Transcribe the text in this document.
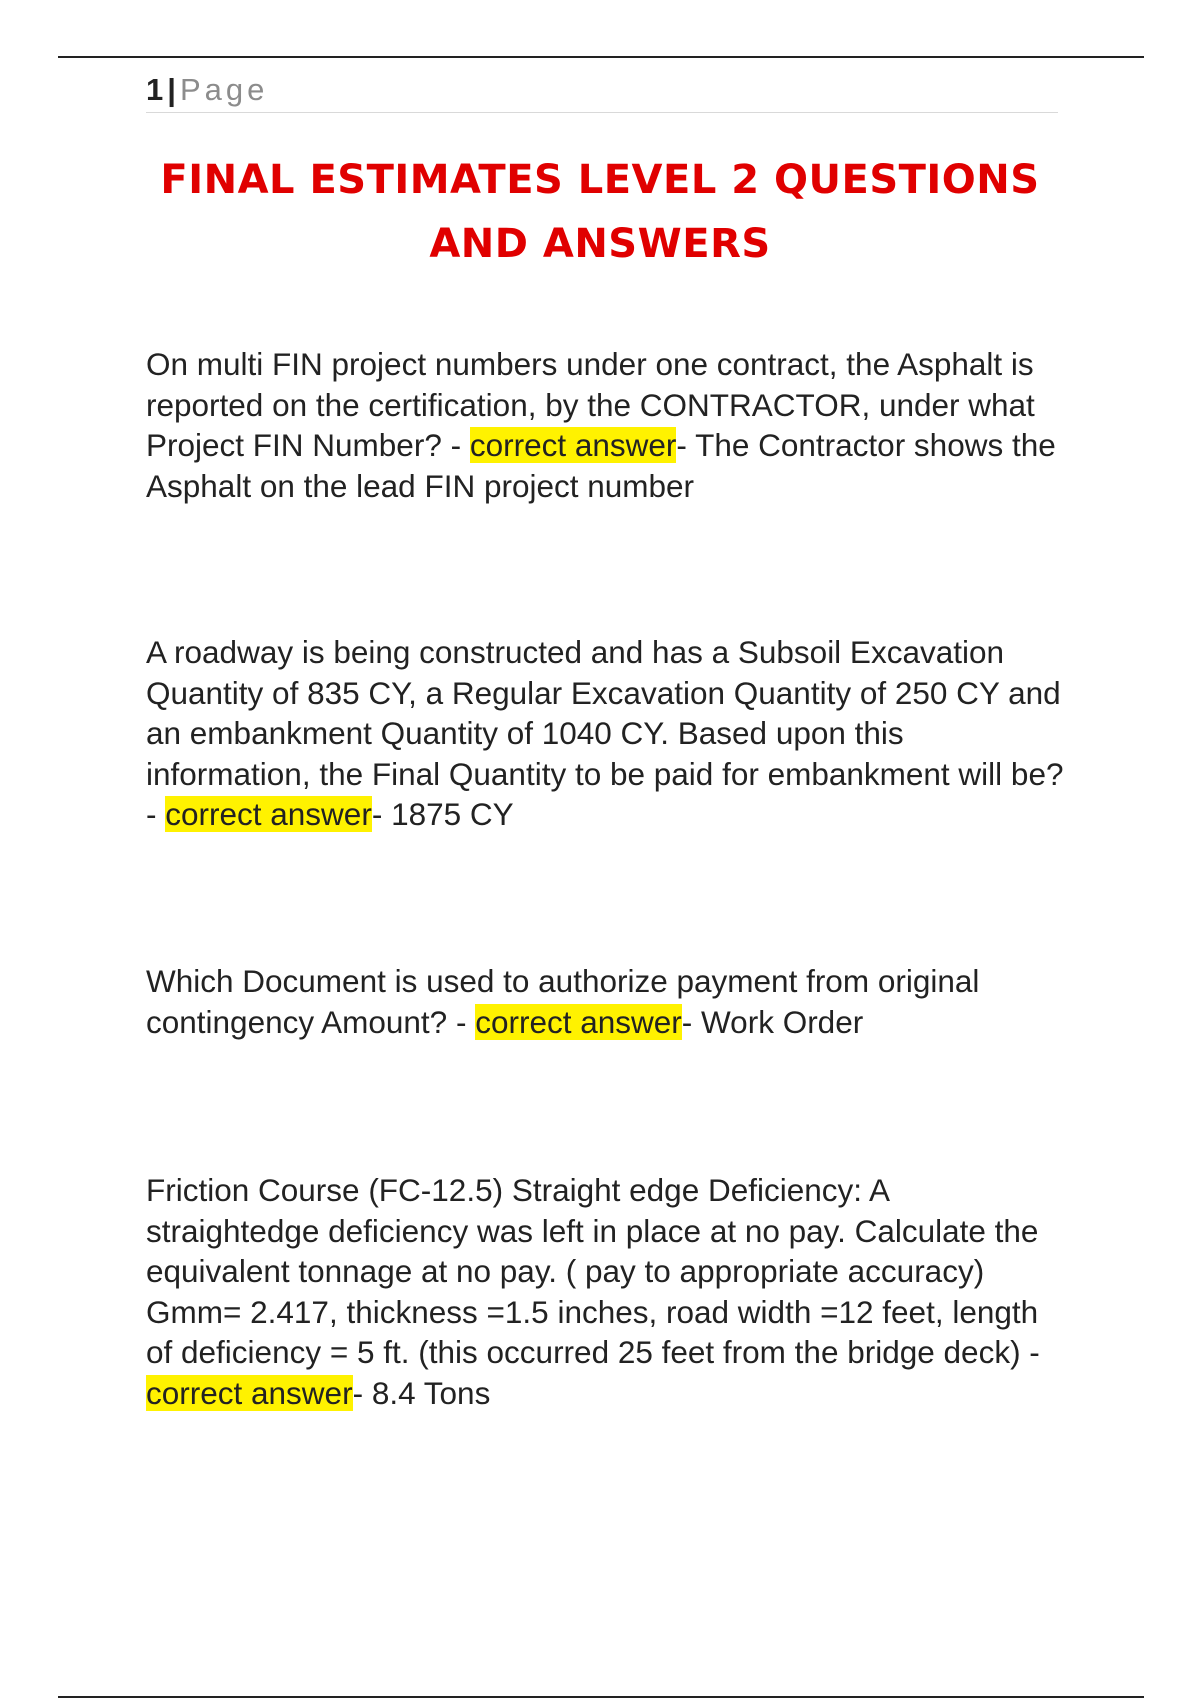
1 | Page
FINAL ESTIMATES LEVEL 2 QUESTIONS AND ANSWERS

On multi FIN project numbers under one contract, the Asphalt is reported on the certification, by the CONTRACTOR, under what Project FIN Number? - correct answer- The Contractor shows the Asphalt on the lead FIN project number

A roadway is being constructed and has a Subsoil Excavation Quantity of 835 CY, a Regular Excavation Quantity of 250 CY and an embankment Quantity of 1040 CY. Based upon this information, the Final Quantity to be paid for embankment will be? - correct answer- 1875 CY

Which Document is used to authorize payment from original contingency Amount? - correct answer- Work Order

Friction Course (FC-12.5) Straight edge Deficiency: A straightedge deficiency was left in place at no pay. Calculate the equivalent tonnage at no pay. ( pay to appropriate accuracy) Gmm= 2.417, thickness =1.5 inches, road width =12 feet, length of deficiency = 5 ft. (this occurred 25 feet from the bridge deck) - correct answer- 8.4 Tons
